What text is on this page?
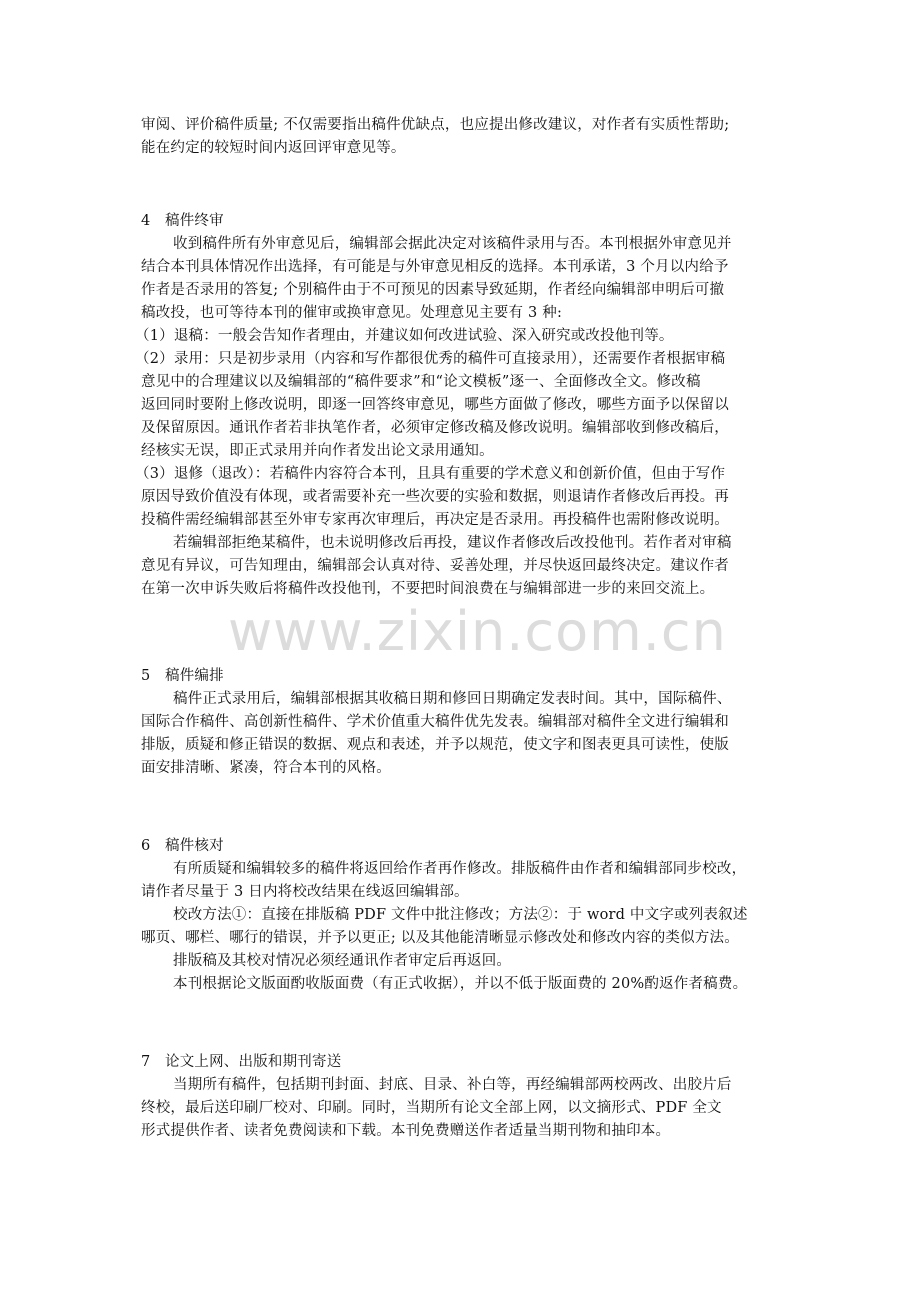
审阅、评价稿件质量; 不仅需要指出稿件优缺点，也应提出修改建议，对作者有实质性帮助;
能在约定的较短时间内返回评审意见等。
4 稿件终审
收到稿件所有外审意见后，编辑部会据此决定对该稿件录用与否。本刊根据外审意见并
结合本刊具体情况作出选择，有可能是与外审意见相反的选择。本刊承诺，3 个月以内给予
作者是否录用的答复; 个别稿件由于不可预见的因素导致延期，作者经向编辑部申明后可撤
稿改投，也可等待本刊的催审或换审意见。处理意见主要有 3 种:
（1）退稿：一般会告知作者理由，并建议如何改进试验、深入研究或改投他刊等。
（2）录用：只是初步录用（内容和写作都很优秀的稿件可直接录用），还需要作者根据审稿
意见中的合理建议以及编辑部的“稿件要求”和“论文模板”逐一、全面修改全文。修改稿
返回同时要附上修改说明，即逐一回答终审意见，哪些方面做了修改，哪些方面予以保留以
及保留原因。通讯作者若非执笔作者，必须审定修改稿及修改说明。编辑部收到修改稿后，
经核实无误，即正式录用并向作者发出论文录用通知。
（3）退修（退改）：若稿件内容符合本刊，且具有重要的学术意义和创新价值，但由于写作
原因导致价值没有体现，或者需要补充一些次要的实验和数据，则退请作者修改后再投。再
投稿件需经编辑部甚至外审专家再次审理后，再决定是否录用。再投稿件也需附修改说明。
若编辑部拒绝某稿件，也未说明修改后再投，建议作者修改后改投他刊。若作者对审稿
意见有异议，可告知理由，编辑部会认真对待、妥善处理，并尽快返回最终决定。建议作者
在第一次申诉失败后将稿件改投他刊，不要把时间浪费在与编辑部进一步的来回交流上。
5 稿件编排
稿件正式录用后，编辑部根据其收稿日期和修回日期确定发表时间。其中，国际稿件、
国际合作稿件、高创新性稿件、学术价值重大稿件优先发表。编辑部对稿件全文进行编辑和
排版，质疑和修正错误的数据、观点和表述，并予以规范，使文字和图表更具可读性，使版
面安排清晰、紧凑，符合本刊的风格。
6 稿件核对
有所质疑和编辑较多的稿件将返回给作者再作修改。排版稿件由作者和编辑部同步校改，
请作者尽量于 3 日内将校改结果在线返回编辑部。
校改方法①：直接在排版稿 PDF 文件中批注修改；方法②：于 word 中文字或列表叙述
哪页、哪栏、哪行的错误，并予以更正; 以及其他能清晰显示修改处和修改内容的类似方法。
排版稿及其校对情况必须经通讯作者审定后再返回。
本刊根据论文版面酌收版面费（有正式收据），并以不低于版面费的 20%酌返作者稿费。
7 论文上网、出版和期刊寄送
当期所有稿件，包括期刊封面、封底、目录、补白等，再经编辑部两校两改、出胶片后
终校，最后送印刷厂校对、印刷。同时，当期所有论文全部上网，以文摘形式、PDF 全文
形式提供作者、读者免费阅读和下载。本刊免费赠送作者适量当期刊物和抽印本。
www.zixin.com.cn
